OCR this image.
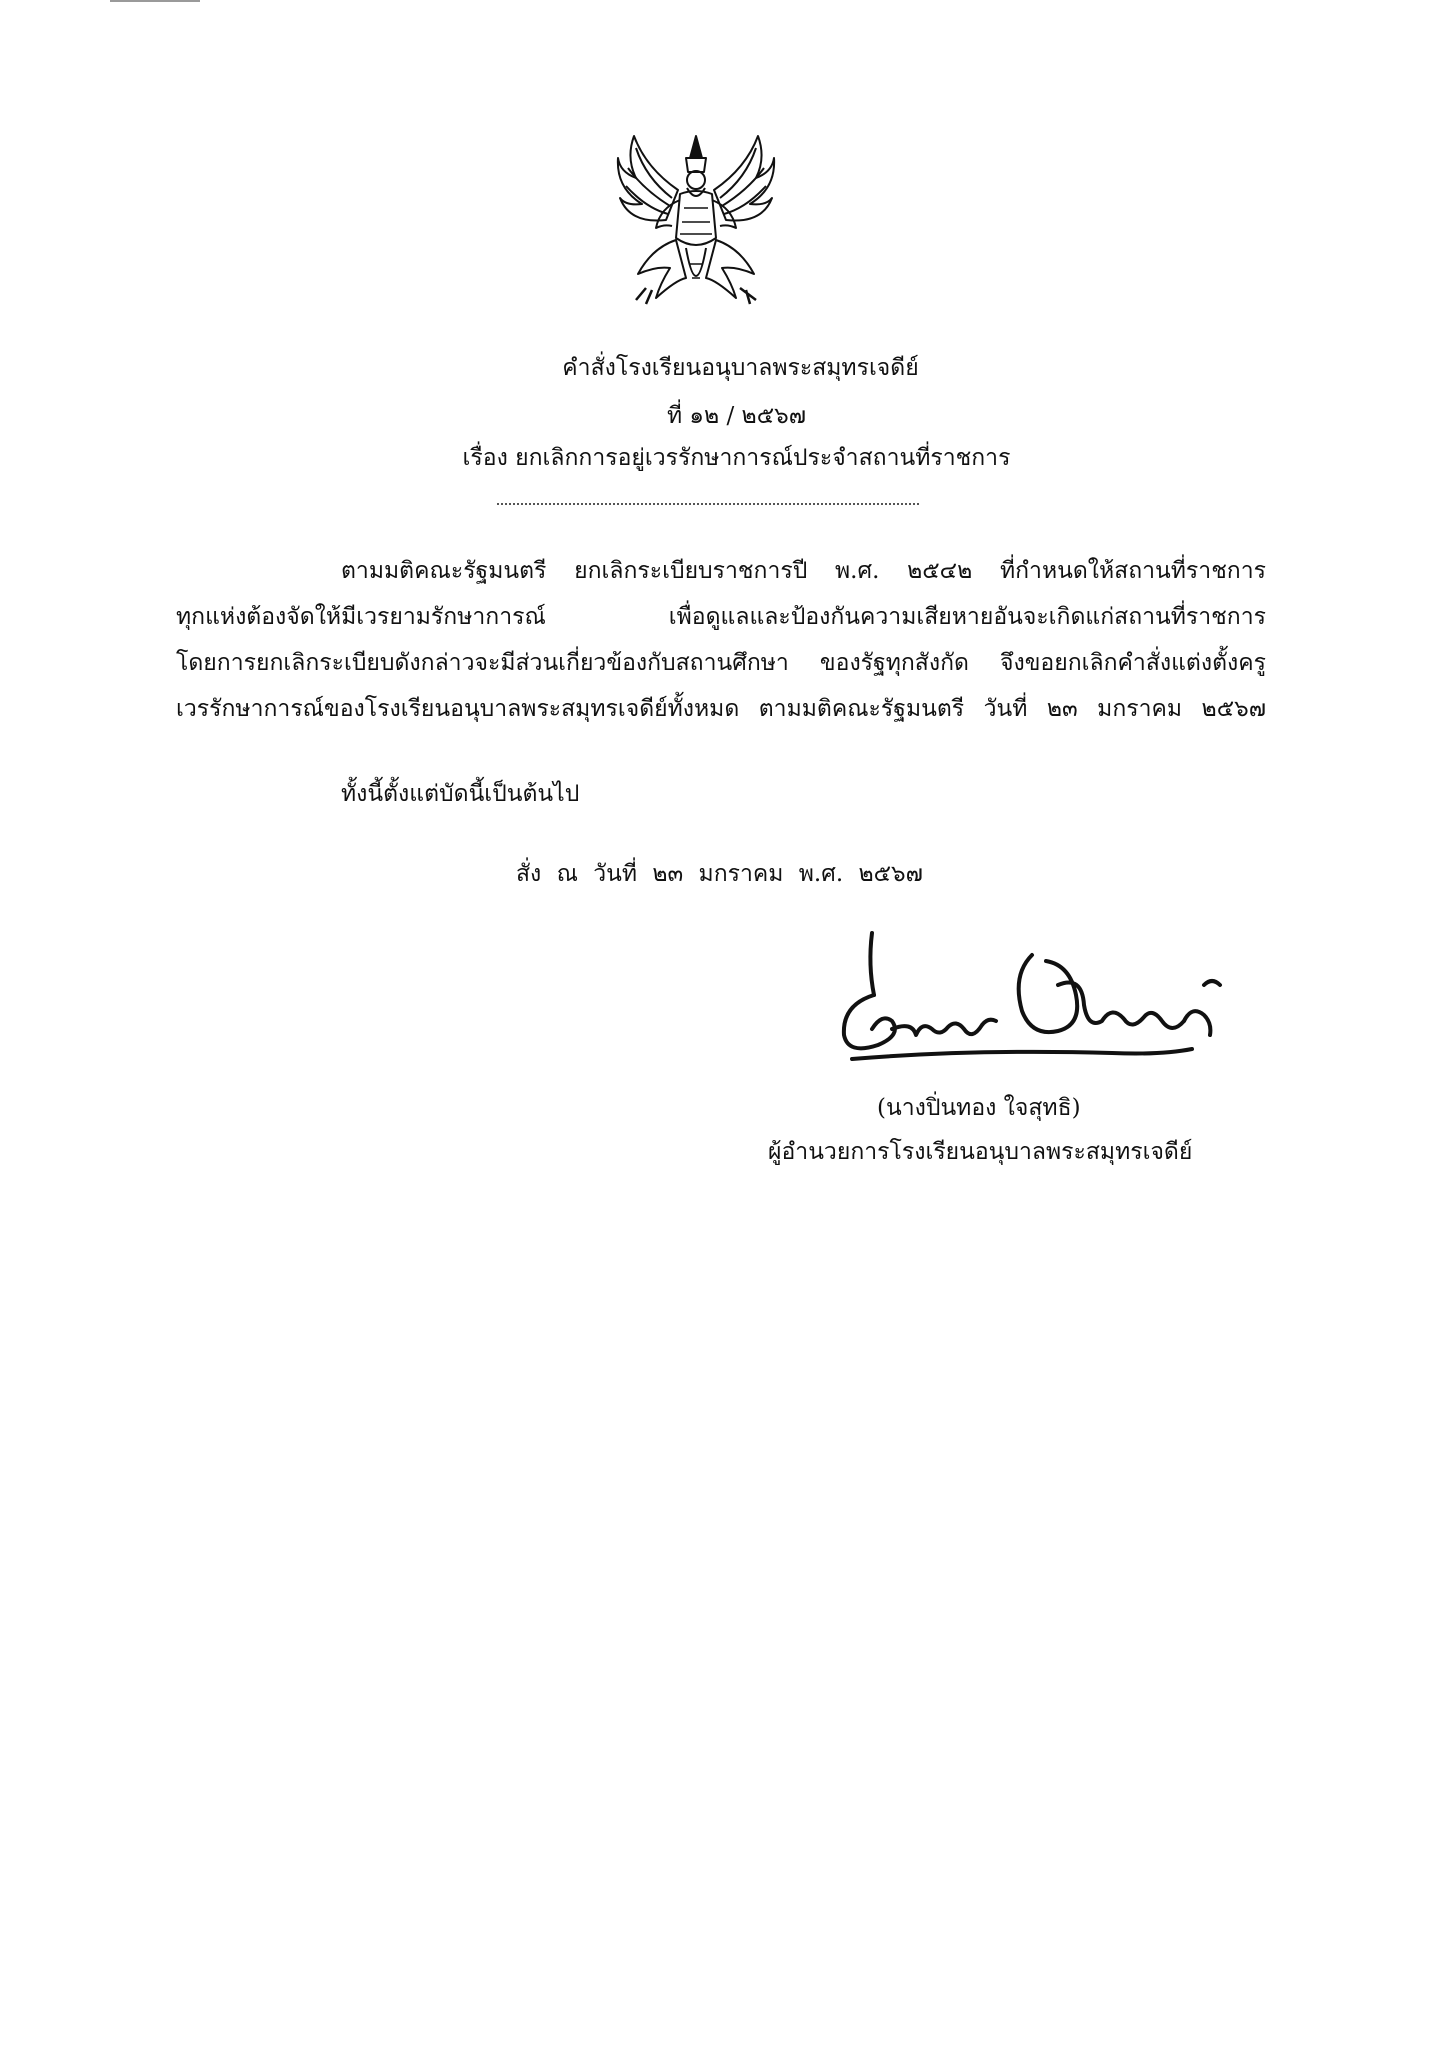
คำสั่งโรงเรียนอนุบาลพระสมุทรเจดีย์
ที่ ๑๒ / ๒๕๖๗
เรื่อง ยกเลิกการอยู่เวรรักษาการณ์ประจำสถานที่ราชการ
ตามมติคณะรัฐมนตรี ยกเลิกระเบียบราชการปี พ.ศ. ๒๕๔๒ ที่กำหนดให้สถานที่ราชการ
ทุกแห่งต้องจัดให้มีเวรยามรักษาการณ์ เพื่อดูแลและป้องกันความเสียหายอันจะเกิดแก่สถานที่ราชการ
โดยการยกเลิกระเบียบดังกล่าวจะมีส่วนเกี่ยวข้องกับสถานศึกษา ของรัฐทุกสังกัด จึงขอยกเลิกคำสั่งแต่งตั้งครู
เวรรักษาการณ์ของโรงเรียนอนุบาลพระสมุทรเจดีย์ทั้งหมด ตามมติคณะรัฐมนตรี วันที่ ๒๓ มกราคม ๒๕๖๗
ทั้งนี้ตั้งแต่บัดนี้เป็นต้นไป
สั่ง ณ วันที่ ๒๓ มกราคม พ.ศ. ๒๕๖๗
(นางปิ่นทอง ใจสุทธิ)
ผู้อำนวยการโรงเรียนอนุบาลพระสมุทรเจดีย์
